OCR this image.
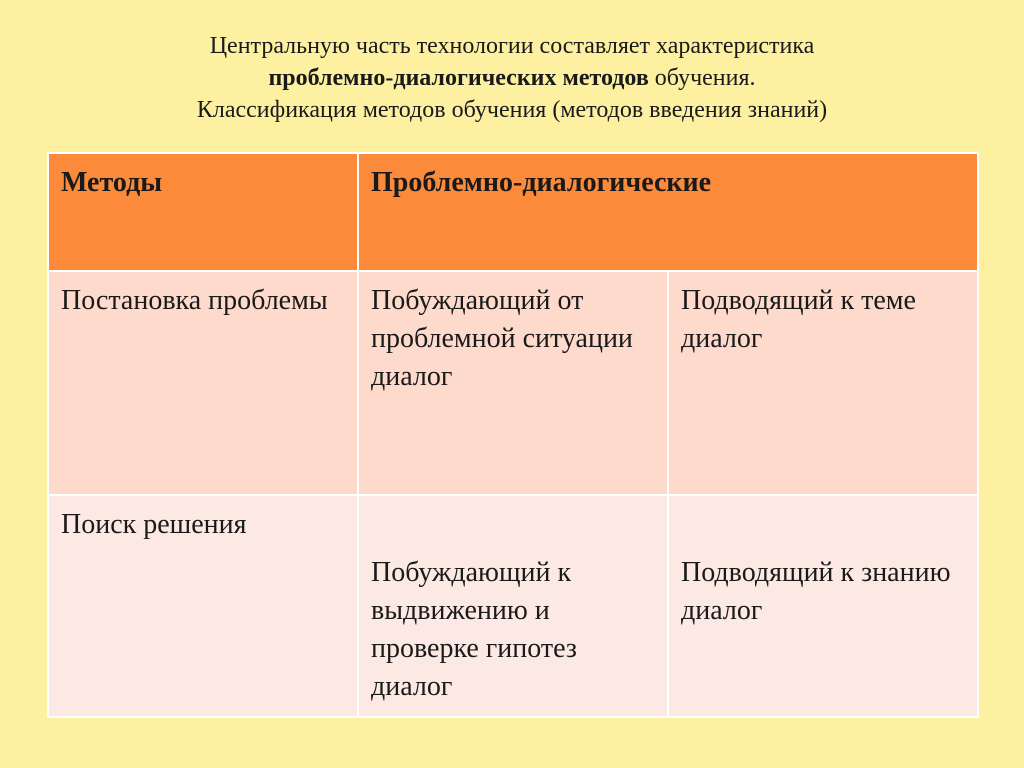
Центральную часть технологии составляет характеристика
проблемно-диалогических методов обучения.
Классификация методов обучения (методов введения знаний)
Методы	Проблемно-диалогические	
Постановка проблемы	Побуждающий от проблемной ситуации диалог	Подводящий к теме диалог
Поиск решения	Побуждающий к выдвижению и проверке гипотез диалог	Подводящий к знанию диалог
